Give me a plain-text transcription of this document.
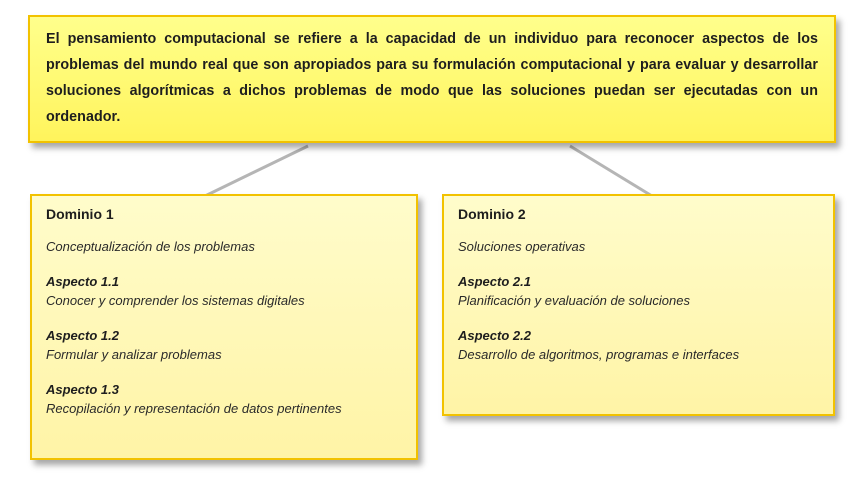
El pensamiento computacional se refiere a la capacidad de un individuo para reconocer aspectos de los problemas del mundo real que son apropiados para su formulación computacional y para evaluar y desarrollar soluciones algorítmicas a dichos problemas de modo que las soluciones puedan ser ejecutadas con un ordenador.

Dominio 1
Conceptualización de los problemas
Aspecto 1.1
Conocer y comprender los sistemas digitales
Aspecto 1.2
Formular y analizar problemas
Aspecto 1.3
Recopilación y representación de datos pertinentes
Dominio 2
Soluciones operativas
Aspecto 2.1
Planificación y evaluación de soluciones
Aspecto 2.2
Desarrollo de algoritmos, programas e interfaces
